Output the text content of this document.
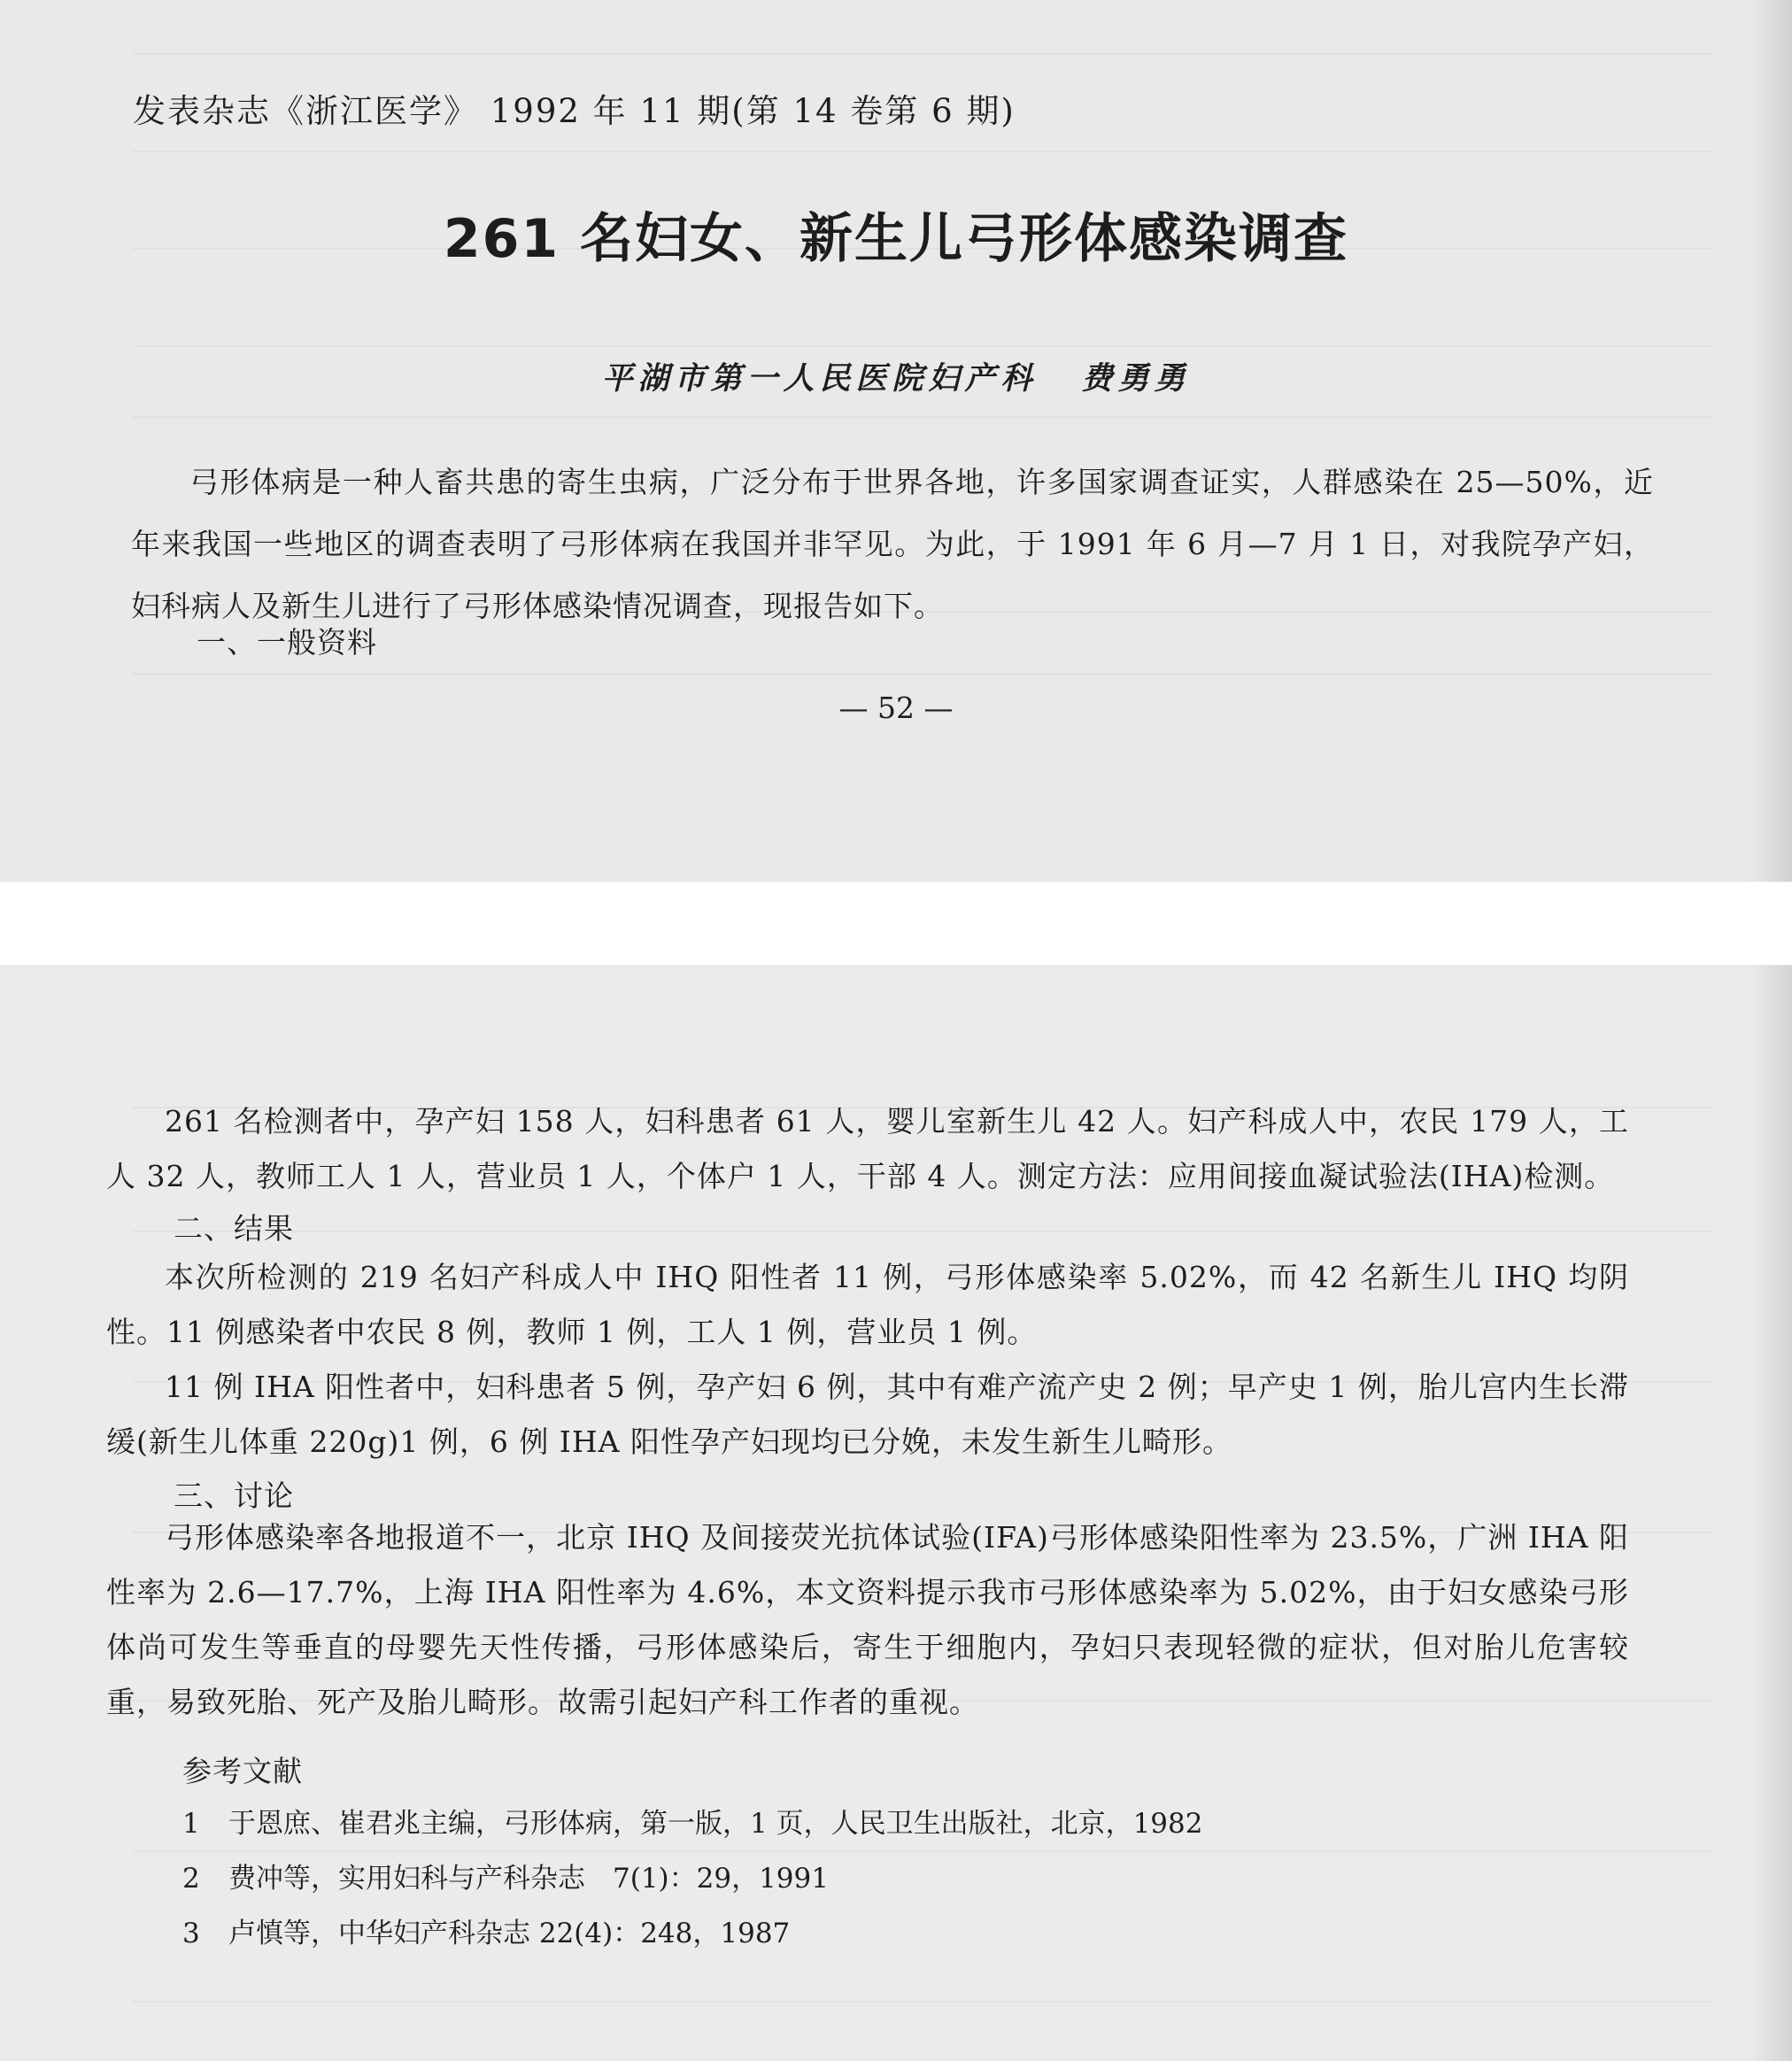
发表杂志《浙江医学》 1992 年 11 期(第 14 卷第 6 期)
261 名妇女、新生儿弓形体感染调查
平湖市第一人民医院妇产科 费勇勇
弓形体病是一种人畜共患的寄生虫病，广泛分布于世界各地，许多国家调查证实，人群感染在 25—50%，近年来我国一些地区的调查表明了弓形体病在我国并非罕见。为此，于 1991 年 6 月—7 月 1 日，对我院孕产妇，妇科病人及新生儿进行了弓形体感染情况调查，现报告如下。
一、一般资料
— 52 —
261 名检测者中，孕产妇 158 人，妇科患者 61 人，婴儿室新生儿 42 人。妇产科成人中，农民 179 人，工人 32 人，教师工人 1 人，营业员 1 人，个体户 1 人，干部 4 人。测定方法：应用间接血凝试验法(IHA)检测。
二、结果
本次所检测的 219 名妇产科成人中 IHQ 阳性者 11 例，弓形体感染率 5.02%，而 42 名新生儿 IHQ 均阴性。11 例感染者中农民 8 例，教师 1 例，工人 1 例，营业员 1 例。
11 例 IHA 阳性者中，妇科患者 5 例，孕产妇 6 例，其中有难产流产史 2 例；早产史 1 例，胎儿宫内生长滞缓(新生儿体重 220g)1 例，6 例 IHA 阳性孕产妇现均已分娩，未发生新生儿畸形。
三、讨论
弓形体感染率各地报道不一，北京 IHQ 及间接荧光抗体试验(IFA)弓形体感染阳性率为 23.5%，广洲 IHA 阳性率为 2.6—17.7%，上海 IHA 阳性率为 4.6%，本文资料提示我市弓形体感染率为 5.02%，由于妇女感染弓形体尚可发生等垂直的母婴先天性传播，弓形体感染后，寄生于细胞内，孕妇只表现轻微的症状，但对胎儿危害较重，易致死胎、死产及胎儿畸形。故需引起妇产科工作者的重视。
参考文献
1 于恩庶、崔君兆主编，弓形体病，第一版，1 页，人民卫生出版社，北京，1982
2 费冲等，实用妇科与产科杂志　7(1)：29，1991
3 卢慎等，中华妇产科杂志 22(4)：248，1987
